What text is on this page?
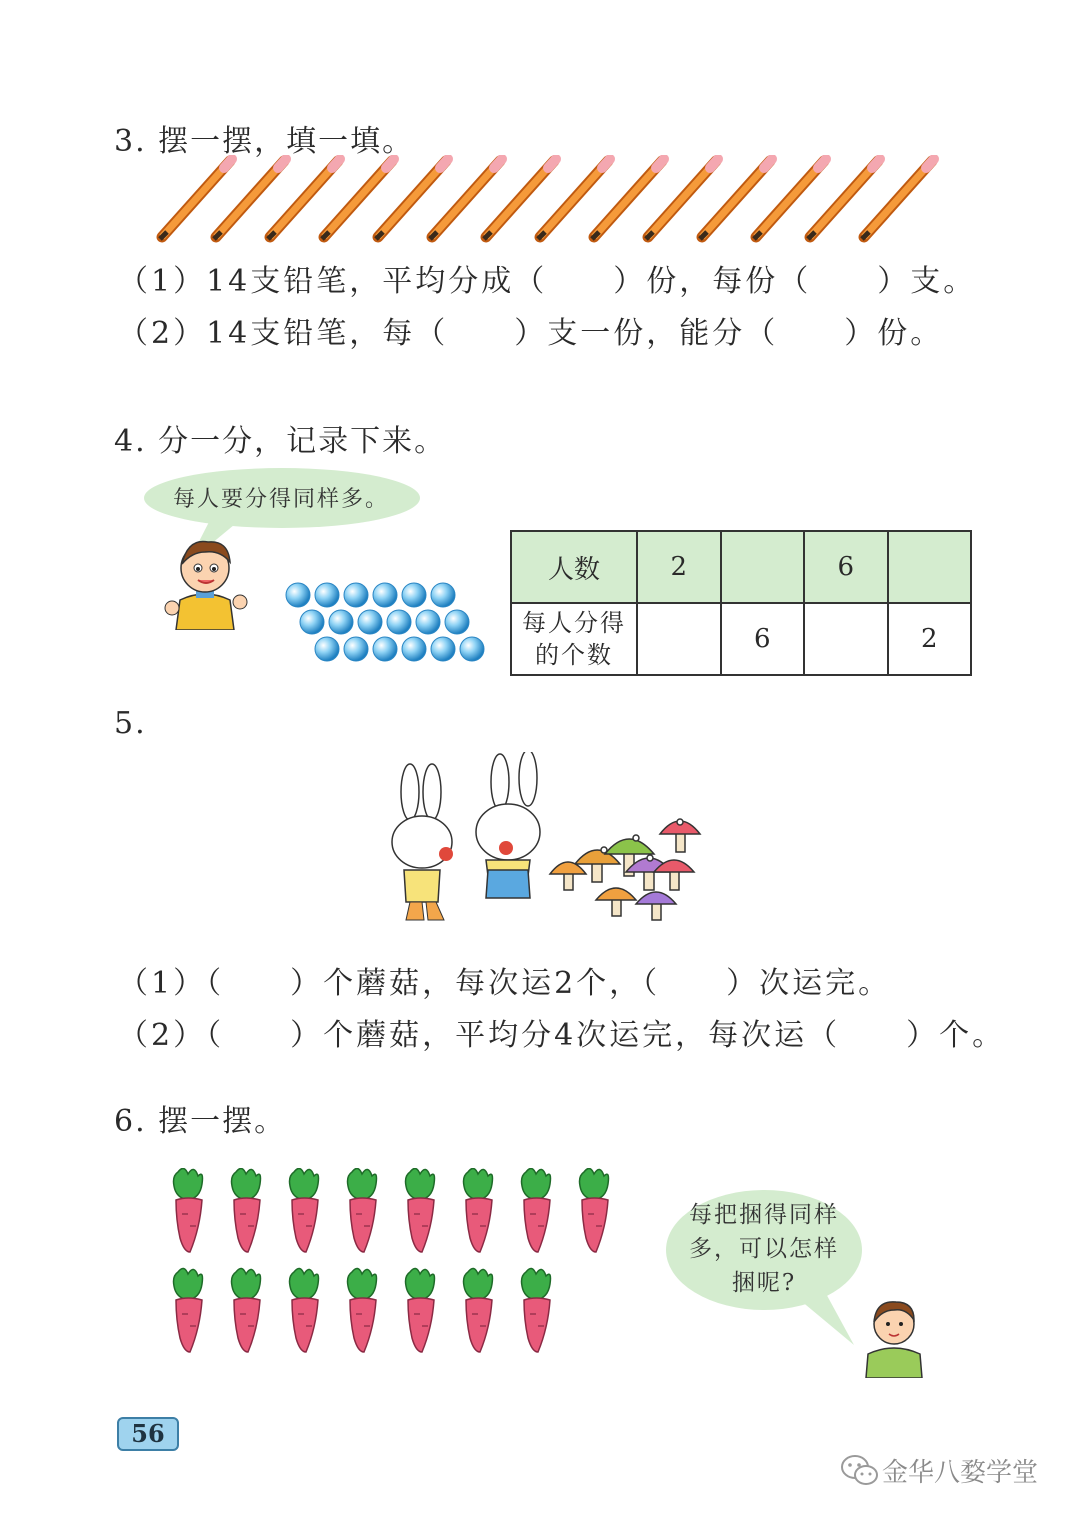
3. 摆一摆，填一填。
（1）14支铅笔，平均分成（　　）份，每份（　　）支。
（2）14支铅笔，每（　　）支一份，能分（　　）份。
4. 分一分，记录下来。
每人要分得同样多。
人数	2		6	

每人分得
的个数		6		2
5.
（1）（　　）个蘑菇，每次运2个，（　　）次运完。
（2）（　　）个蘑菇，平均分4次运完，每次运（　　）个。
6. 摆一摆。
每把捆得同样
多，可以怎样
捆呢?
56
金华八婺学堂
